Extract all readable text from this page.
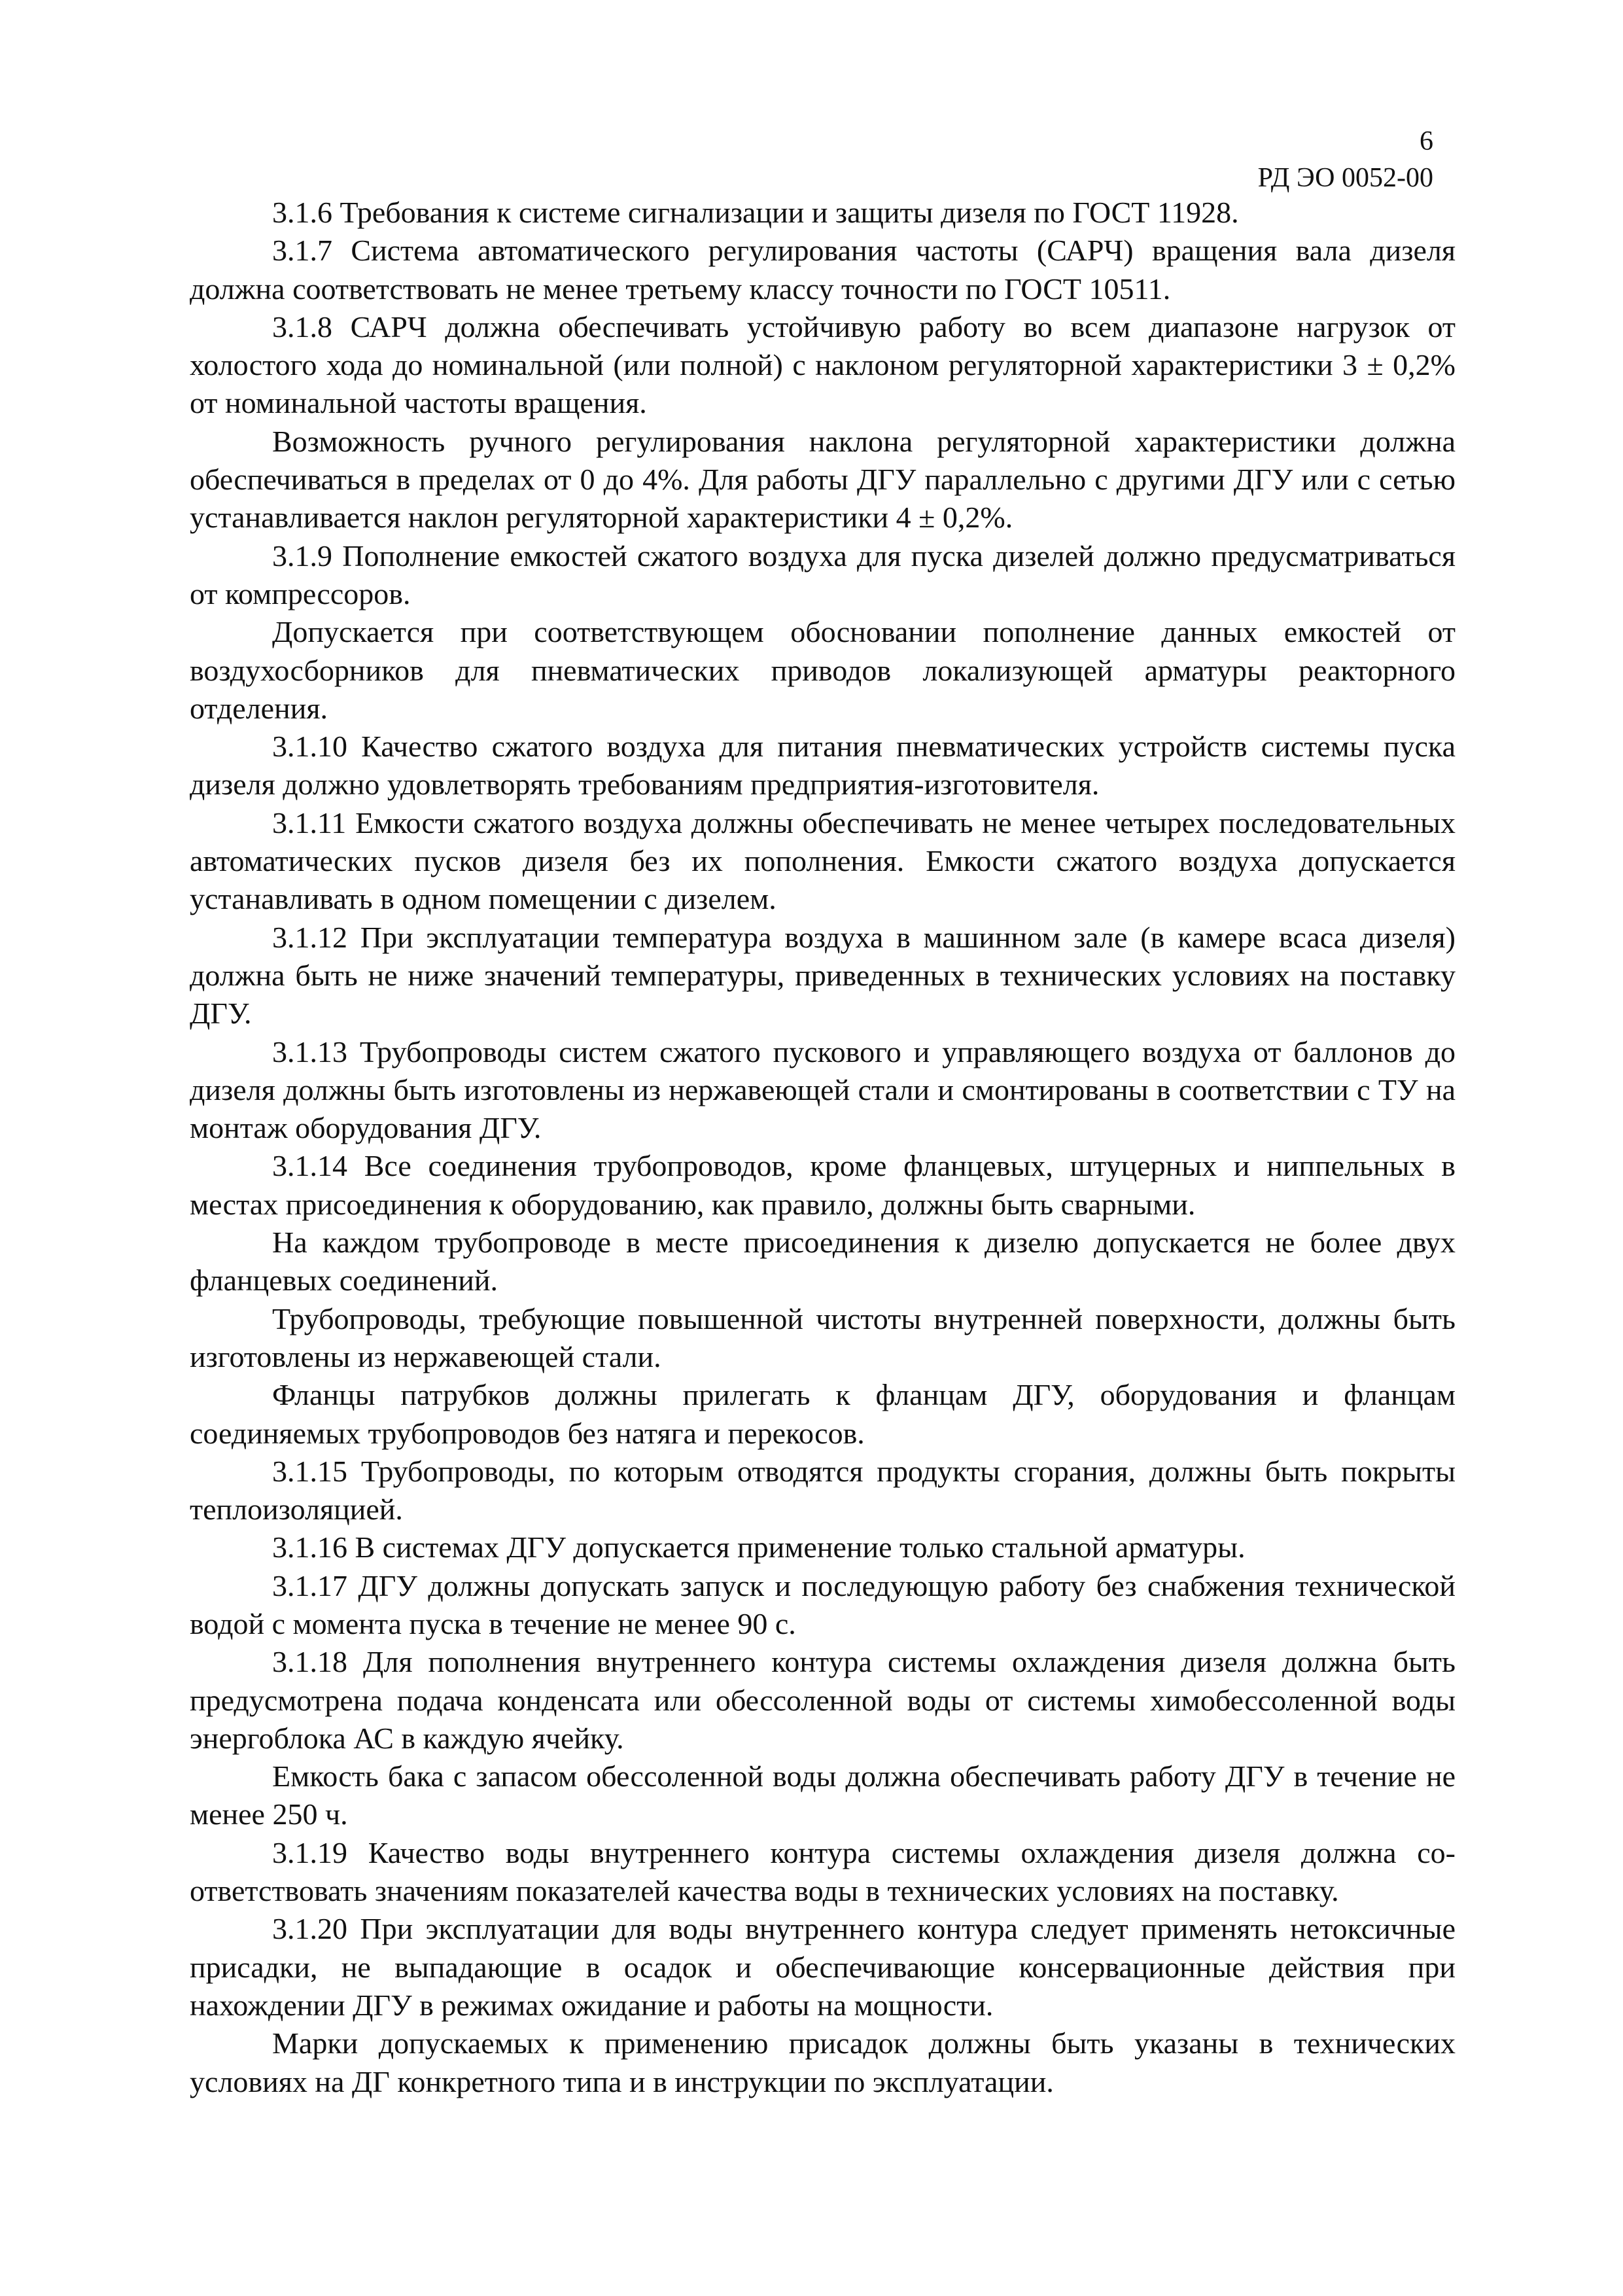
6
РД ЭО 0052-00

3.1.6 Требования к системе сигнализации и защиты дизеля по ГОСТ 11928.

3.1.7 Система автоматического регулирования частоты (САРЧ) вращения вала дизеля должна соответствовать не менее третьему классу точности по ГОСТ 10511.

3.1.8 САРЧ должна обеспечивать устойчивую работу во всем диапазоне нагрузок от холостого хода до номинальной (или полной) с наклоном регуляторной характеристики 3 ± 0,2% от номинальной частоты вращения.

Возможность ручного регулирования наклона регуляторной характеристики должна обеспечиваться в пределах от 0 до 4%. Для работы ДГУ параллельно с другими ДГУ или с сетью устанавливается наклон регуляторной характеристики 4 ± 0,2%.

3.1.9 Пополнение емкостей сжатого воздуха для пуска дизелей должно предусматриваться от компрессоров.

Допускается при соответствующем обосновании пополнение данных емкостей от воздухосборников для пневматических приводов локализующей арматуры реакторного отделения.

3.1.10 Качество сжатого воздуха для питания пневматических устройств системы пуска дизеля должно удовлетворять требованиям предприятия-изготовителя.

3.1.11 Емкости сжатого воздуха должны обеспечивать не менее четырех последовательных автоматических пусков дизеля без их пополнения. Емкости сжатого воздуха допускается устанавливать в одном помещении с дизелем.

3.1.12 При эксплуатации температура воздуха в машинном зале (в камере всаса дизеля) должна быть не ниже значений температуры, приведенных в технических условиях на поставку ДГУ.

3.1.13 Трубопроводы систем сжатого пускового и управляющего воздуха от баллонов до дизеля должны быть изготовлены из нержавеющей стали и смонтированы в соответствии с ТУ на монтаж оборудования ДГУ.

3.1.14 Все соединения трубопроводов, кроме фланцевых, штуцерных и ниппельных в местах присоединения к оборудованию, как правило, должны быть сварными.

На каждом трубопроводе в месте присоединения к дизелю допускается не более двух фланцевых соединений.

Трубопроводы, требующие повышенной чистоты внутренней поверхности, должны быть изготовлены из нержавеющей стали.

Фланцы патрубков должны прилегать к фланцам ДГУ, оборудования и фланцам соединяемых трубопроводов без натяга и перекосов.

3.1.15 Трубопроводы, по которым отводятся продукты сгорания, должны быть покрыты теплоизоляцией.

3.1.16 В системах ДГУ допускается применение только стальной арматуры.

3.1.17 ДГУ должны допускать запуск и последующую работу без снабжения технической водой с момента пуска в течение не менее 90 с.

3.1.18 Для пополнения внутреннего контура системы охлаждения дизеля должна быть предусмотрена подача конденсата или обессоленной воды от системы химобессоленной воды энергоблока АС в каждую ячейку.

Емкость бака с запасом обессоленной воды должна обеспечивать работу ДГУ в течение не менее 250 ч.

3.1.19 Качество воды внутреннего контура системы охлаждения дизеля должна соответствовать значениям показателей качества воды в технических условиях на поставку.

3.1.20 При эксплуатации для воды внутреннего контура следует применять нетоксичные присадки, не выпадающие в осадок и обеспечивающие консервационные действия при нахождении ДГУ в режимах ожидание и работы на мощности.

Марки допускаемых к применению присадок должны быть указаны в технических условиях на ДГ конкретного типа и в инструкции по эксплуатации.
